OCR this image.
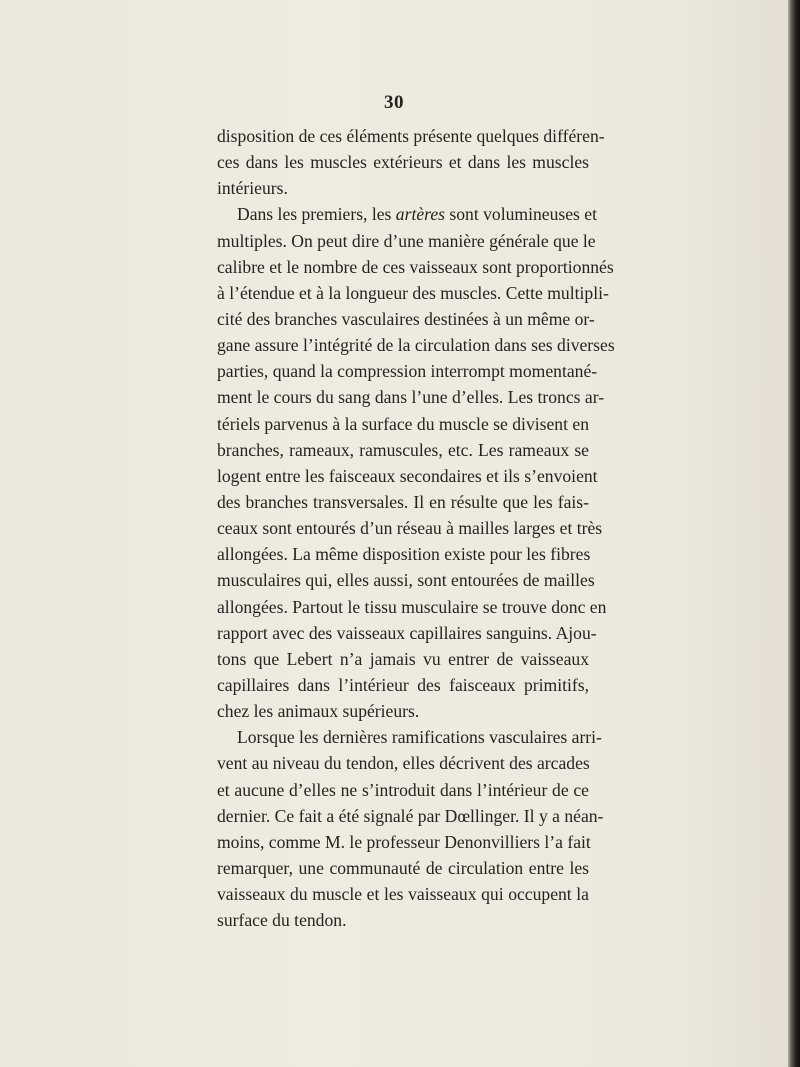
30
disposition de ces éléments présente quelques différen-
ces dans les muscles extérieurs et dans les muscles
intérieurs.
Dans les premiers, les artères sont volumineuses et
multiples. On peut dire d’une manière générale que le
calibre et le nombre de ces vaisseaux sont proportionnés
à l’étendue et à la longueur des muscles. Cette multipli-
cité des branches vasculaires destinées à un même or-
gane assure l’intégrité de la circulation dans ses diverses
parties, quand la compression interrompt momentané-
ment le cours du sang dans l’une d’elles. Les troncs ar-
tériels parvenus à la surface du muscle se divisent en
branches, rameaux, ramuscules, etc. Les rameaux se
logent entre les faisceaux secondaires et ils s’envoient
des branches transversales. Il en résulte que les fais-
ceaux sont entourés d’un réseau à mailles larges et très
allongées. La même disposition existe pour les fibres
musculaires qui, elles aussi, sont entourées de mailles
allongées. Partout le tissu musculaire se trouve donc en
rapport avec des vaisseaux capillaires sanguins. Ajou-
tons que Lebert n’a jamais vu entrer de vaisseaux
capillaires dans l’intérieur des faisceaux primitifs,
chez les animaux supérieurs.
Lorsque les dernières ramifications vasculaires arri-
vent au niveau du tendon, elles décrivent des arcades
et aucune d’elles ne s’introduit dans l’intérieur de ce
dernier. Ce fait a été signalé par Dœllinger. Il y a néan-
moins, comme M. le professeur Denonvilliers l’a fait
remarquer, une communauté de circulation entre les
vaisseaux du muscle et les vaisseaux qui occupent la
surface du tendon.
